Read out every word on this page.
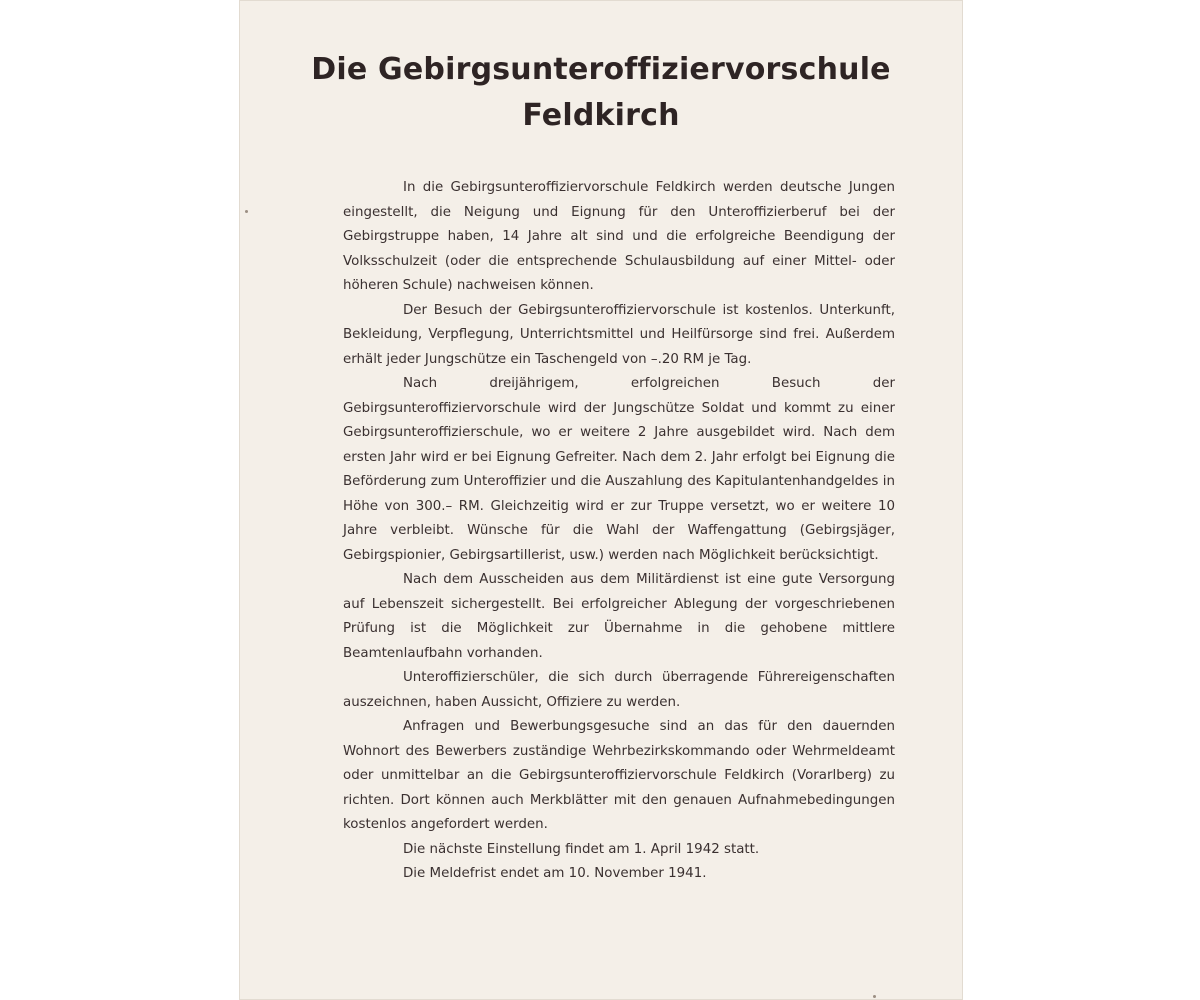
Die Gebirgsunteroffiziervorschule
Feldkirch

In die Gebirgsunteroffiziervorschule Feldkirch werden deutsche Jungen eingestellt, die Neigung und Eignung für den Unteroffizierberuf bei der Gebirgstruppe haben, 14 Jahre alt sind und die erfolgreiche Beendigung der Volksschulzeit (oder die entsprechende Schulausbildung auf einer Mittel- oder höheren Schule) nachweisen können.

Der Besuch der Gebirgsunteroffiziervorschule ist kostenlos. Unterkunft, Bekleidung, Verpflegung, Unterrichtsmittel und Heilfürsorge sind frei. Außerdem erhält jeder Jungschütze ein Taschengeld von –.20 RM je Tag.

Nach dreijährigem, erfolgreichen Besuch der Gebirgsunteroffiziervorschule wird der Jungschütze Soldat und kommt zu einer Gebirgsunteroffizierschule, wo er weitere 2 Jahre ausgebildet wird. Nach dem ersten Jahr wird er bei Eignung Gefreiter. Nach dem 2. Jahr erfolgt bei Eignung die Beförderung zum Unteroffizier und die Auszahlung des Kapitulantenhandgeldes in Höhe von 300.– RM. Gleichzeitig wird er zur Truppe versetzt, wo er weitere 10 Jahre verbleibt. Wünsche für die Wahl der Waffengattung (Gebirgsjäger, Gebirgspionier, Gebirgsartillerist, usw.) werden nach Möglichkeit berücksichtigt.

Nach dem Ausscheiden aus dem Militärdienst ist eine gute Versorgung auf Lebenszeit sichergestellt. Bei erfolgreicher Ablegung der vorgeschriebenen Prüfung ist die Möglichkeit zur Übernahme in die gehobene mittlere Beamtenlaufbahn vorhanden.

Unteroffizierschüler, die sich durch überragende Führereigenschaften auszeichnen, haben Aussicht, Offiziere zu werden.

Anfragen und Bewerbungsgesuche sind an das für den dauernden Wohnort des Bewerbers zuständige Wehrbezirkskommando oder Wehrmeldeamt oder unmittelbar an die Gebirgsunteroffiziervorschule Feldkirch (Vorarlberg) zu richten. Dort können auch Merkblätter mit den genauen Aufnahmebedingungen kostenlos angefordert werden.

Die nächste Einstellung findet am 1. April 1942 statt.

Die Meldefrist endet am 10. November 1941.
